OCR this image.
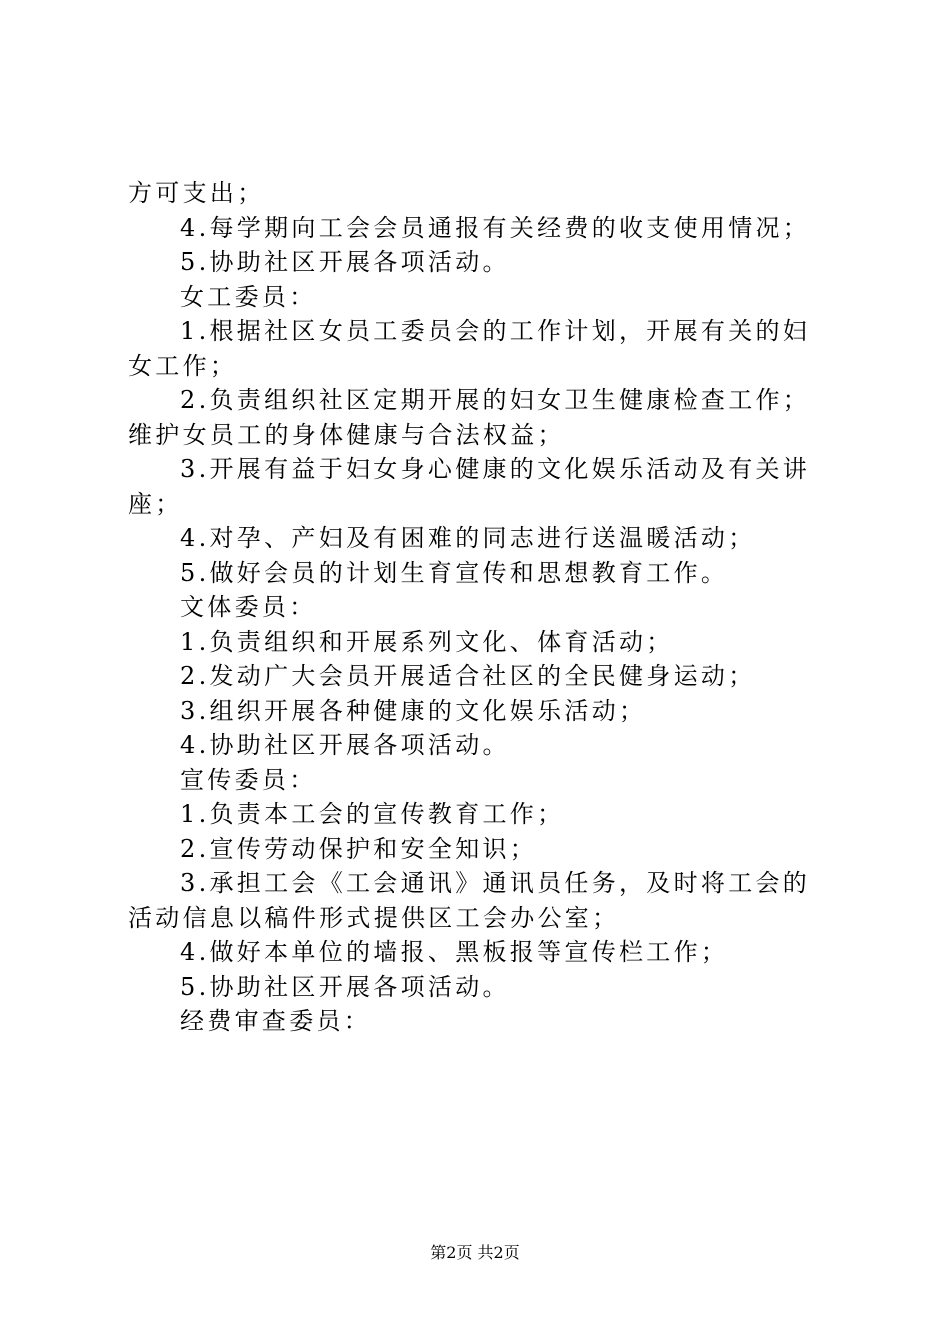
方可支出；

4.每学期向工会会员通报有关经费的收支使用情况；

5.协助社区开展各项活动。

女工委员：

1.根据社区女员工委员会的工作计划，开展有关的妇女工作；

2.负责组织社区定期开展的妇女卫生健康检查工作；维护女员工的身体健康与合法权益；

3.开展有益于妇女身心健康的文化娱乐活动及有关讲座；

4.对孕、产妇及有困难的同志进行送温暖活动；

5.做好会员的计划生育宣传和思想教育工作。

文体委员：

1.负责组织和开展系列文化、体育活动；

2.发动广大会员开展适合社区的全民健身运动；

3.组织开展各种健康的文化娱乐活动；

4.协助社区开展各项活动。

宣传委员：

1.负责本工会的宣传教育工作；

2.宣传劳动保护和安全知识；

3.承担工会《工会通讯》通讯员任务，及时将工会的活动信息以稿件形式提供区工会办公室；

4.做好本单位的墙报、黑板报等宣传栏工作；

5.协助社区开展各项活动。

经费审查委员：

第2页 共2页
